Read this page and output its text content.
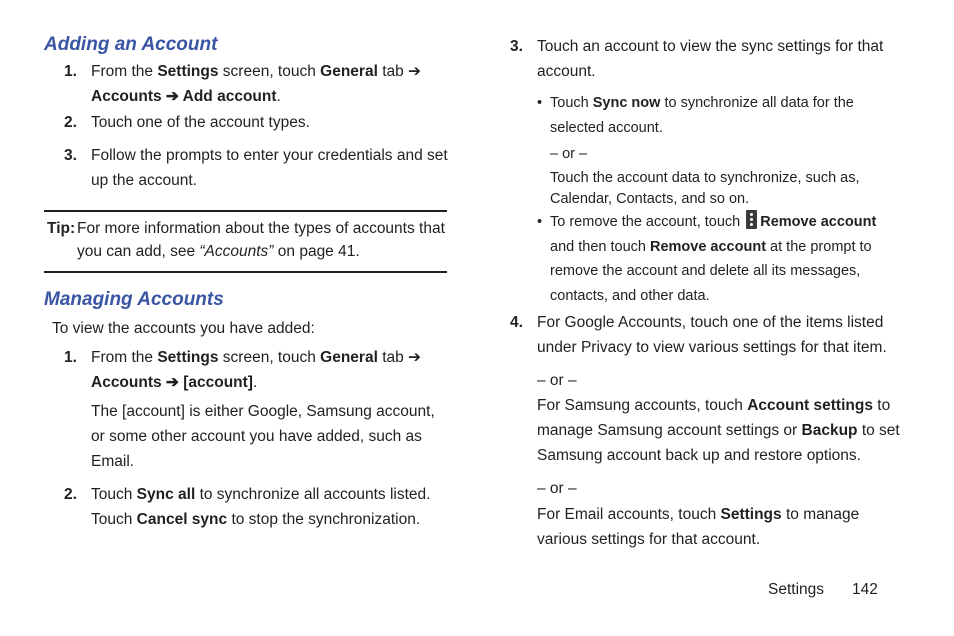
Adding an Account
1. From the Settings screen, touch General tab ➔
Accounts ➔ Add account.
2. Touch one of the account types.
3. Follow the prompts to enter your credentials and set up the account.
Tip: For more information about the types of accounts that you can add, see “Accounts” on page 41.
Managing Accounts
To view the accounts you have added:
1. From the Settings screen, touch General tab ➔
Accounts ➔ [account].
The [account] is either Google, Samsung account, or some other account you have added, such as Email.
2. Touch Sync all to synchronize all accounts listed. Touch Cancel sync to stop the synchronization.
3. Touch an account to view the sync settings for that account.
• Touch Sync now to synchronize all data for the selected account.
– or –
Touch the account data to synchronize, such as, Calendar, Contacts, and so on.
• To remove the account, touch
Remove account
and then touch Remove account at the prompt to remove the account and delete all its messages, contacts, and other data.
4. For Google Accounts, touch one of the items listed under Privacy to view various settings for that item.
– or –
For Samsung accounts, touch Account settings to manage Samsung account settings or Backup to set Samsung account back up and restore options.
– or –
For Email accounts, touch Settings to manage various settings for that account.
Settings 142
